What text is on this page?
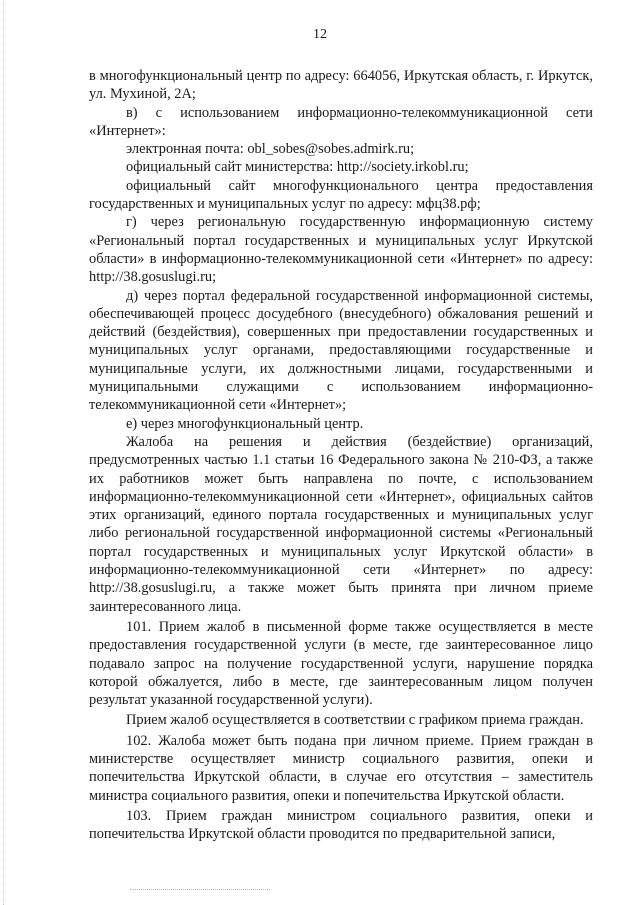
12

в многофункциональный центр по адресу: 664056, Иркутская область, г. Иркутск, ул. Мухиной, 2А;

в) с использованием информационно-телекоммуникационной сети «Интернет»:

электронная почта: obl_sobes@sobes.admirk.ru;

официальный сайт министерства: http://society.irkobl.ru;

официальный сайт многофункционального центра предоставления государственных и муниципальных услуг по адресу: мфц38.рф;

г) через региональную государственную информационную систему «Региональный портал государственных и муниципальных услуг Иркутской области» в информационно-телекоммуникационной сети «Интернет» по адресу: http://38.gosuslugi.ru;

д) через портал федеральной государственной информационной системы, обеспечивающей процесс досудебного (внесудебного) обжалования решений и действий (бездействия), совершенных при предоставлении государственных и муниципальных услуг органами, предоставляющими государственные и муниципальные услуги, их должностными лицами, государственными и муниципальными служащими с использованием информационно-телекоммуникационной сети «Интернет»;

е) через многофункциональный центр.

Жалоба на решения и действия (бездействие) организаций, предусмотренных частью 1.1 статьи 16 Федерального закона № 210-ФЗ, а также их работников может быть направлена по почте, с использованием информационно-телекоммуникационной сети «Интернет», официальных сайтов этих организаций, единого портала государственных и муниципальных услуг либо региональной государственной информационной системы «Региональный портал государственных и муниципальных услуг Иркутской области» в информационно-телекоммуникационной сети «Интернет» по адресу: http://38.gosuslugi.ru, а также может быть принята при личном приеме заинтересованного лица.

101. Прием жалоб в письменной форме также осуществляется в месте предоставления государственной услуги (в месте, где заинтересованное лицо подавало запрос на получение государственной услуги, нарушение порядка которой обжалуется, либо в месте, где заинтересованным лицом получен результат указанной государственной услуги).

Прием жалоб осуществляется в соответствии с графиком приема граждан.

102. Жалоба может быть подана при личном приеме. Прием граждан в министерстве осуществляет министр социального развития, опеки и попечительства Иркутской области, в случае его отсутствия – заместитель министра социального развития, опеки и попечительства Иркутской области.

103. Прием граждан министром социального развития, опеки и попечительства Иркутской области проводится по предварительной записи,
